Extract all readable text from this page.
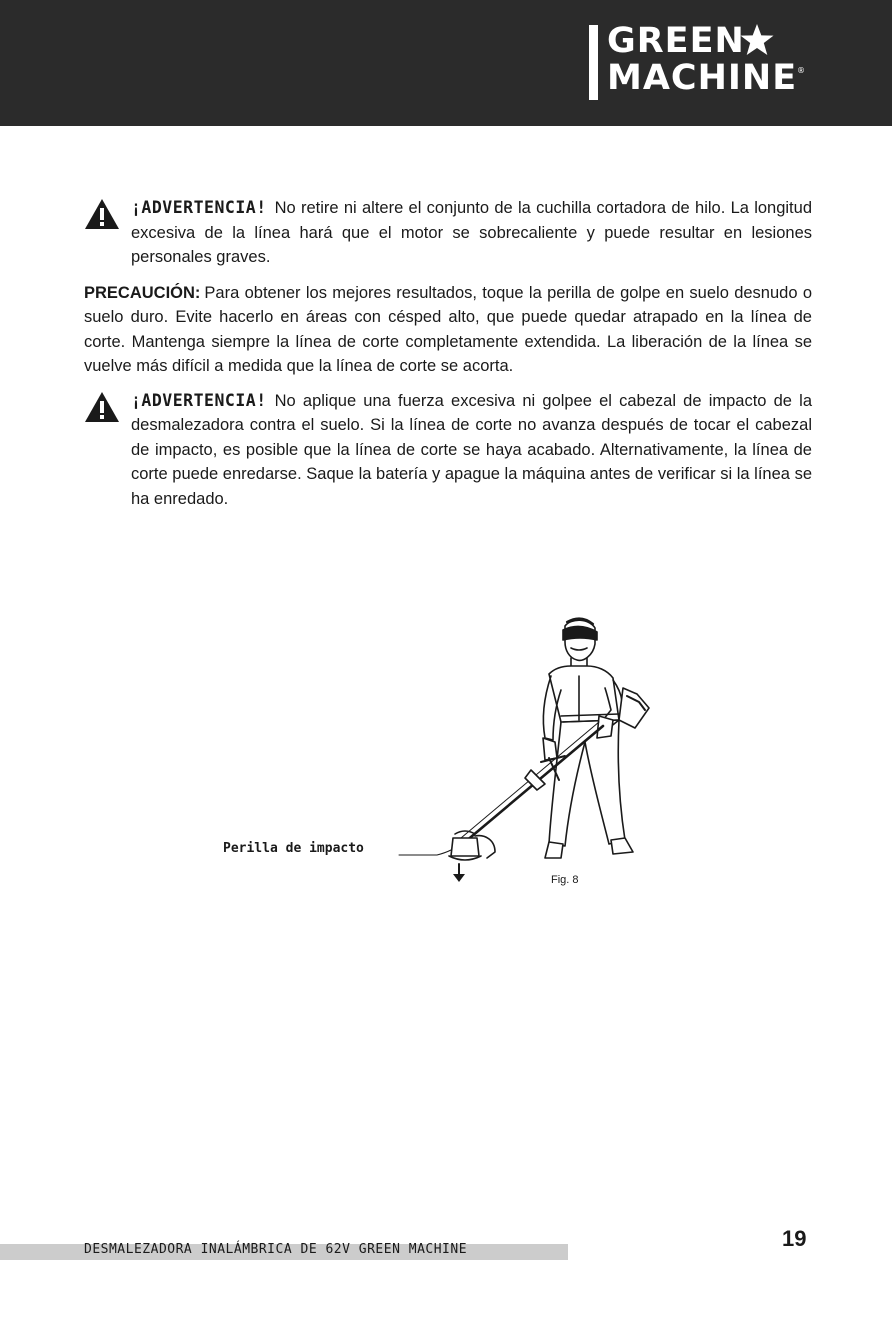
GREEN
MACHINE ®

¡ADVERTENCIA! No retire ni altere el conjunto de la cuchilla cortadora de hilo. La longitud excesiva de la línea hará que el motor se sobrecaliente y puede resultar en lesiones personales graves.

PRECAUCIÓN: Para obtener los mejores resultados, toque la perilla de golpe en suelo desnudo o suelo duro. Evite hacerlo en áreas con césped alto, que puede quedar atrapado en la línea de corte. Mantenga siempre la línea de corte completamente extendida. La liberación de la línea se vuelve más difícil a medida que la línea de corte se acorta.

¡ADVERTENCIA! No aplique una fuerza excesiva ni golpee el cabezal de impacto de la desmalezadora contra el suelo. Si la línea de corte no avanza después de tocar el cabezal de impacto, es posible que la línea de corte se haya acabado. Alternativamente, la línea de corte puede enredarse. Saque la batería y apague la máquina antes de verificar si la línea se ha enredado.

Perilla de impacto
Fig. 8
DESMALEZADORA INALÁMBRICA DE 62V GREEN MACHINE	19
